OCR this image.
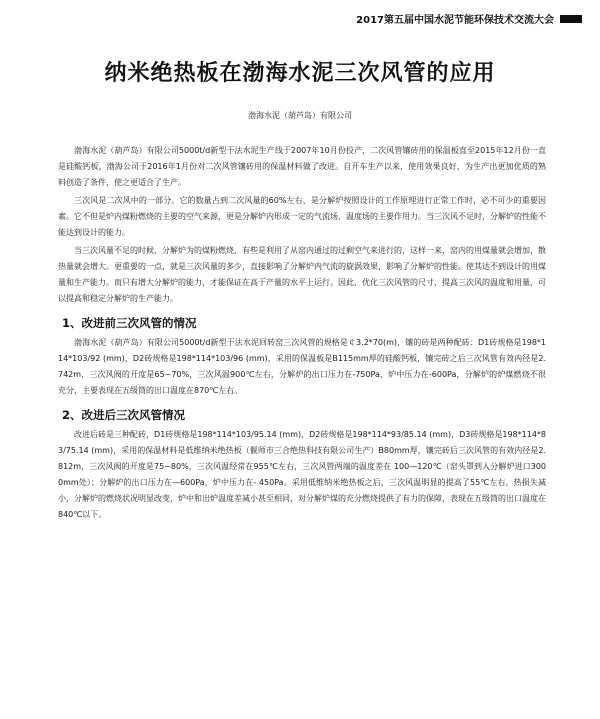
2017第五届中国水泥节能环保技术交流大会
纳米绝热板在渤海水泥三次风管的应用
渤海水泥（葫芦岛）有限公司

渤海水泥（葫芦岛）有限公司5000t/d新型干法水泥生产线于2007年10月份投产，二次风管镶砖用的保温板直至2015年12月份一直是硅酸钙板，渤海公司于2016年1月份对二次风管镶砖用的保温材料做了改进。自开车生产以来，使用效果良好，为生产出更加优质的熟料创造了条件，使之更适合了生产。

三次风是二次风中的一部分。它的数量占到二次风量的60%左右，是分解炉按照设计的工作原理进行正常工作时，必不可少的重要因素。它不但是炉内煤粉燃烧的主要的空气来源，更是分解炉内形成一定的气流场，温度场的主要作用力。当三次风不足时，分解炉的性能不能达到设计的能力。

当三次风量不足的时候，分解炉为的煤粉燃烧，有些是利用了从窑内通过的过剩空气来进行的，这样一来，窑内的用煤量就会增加，散热量就会增大。更重要的一点，就是三次风量的多少，直接影响了分解炉内气流的旋涡效果，影响了分解炉的性能。使其达不到设计的用煤量和生产能力。而只有增大分解炉的能力，才能保证在高于产量的水平上运行。因此，优化三次风管的尺寸，提高三次风的温度和用量，可以提高和稳定分解炉的生产能力。

1、改进前三次风管的情况

渤海水泥（葫芦岛）有限公司5000t/d新型干法水泥回转窑三次风管的规格是￠3.2*70(m)，镶的砖是两种配砖：D1砖规格是198*114*103/92 (mm)，D2砖规格是198*114*103/96 (mm)，采用的保温板是B115mm厚的硅酸钙板，镶完砖之后三次风管有效内径是2.742m，三次风阀的开度是65~70%，三次风温900℃左右，分解炉的出口压力在-750Pa，炉中压力在-600Pa，分解炉的炉煤燃烧不很充分，主要表现在五级筒的出口温度在870℃左右。

2、改进后三次风管情况

改进后砖是三种配砖，D1砖规格是198*114*103/95.14 (mm)，D2砖规格是198*114*93/85.14 (mm)，D3砖规格是198*114*83/75.14 (mm)，采用的保温材料是低维纳米绝热板（偃师市三合绝热科技有限公司生产）B80mm厚，镶完砖后三次风管的有效内径是2.812m，三次风阀的开度是75~80%，三次风温经常在955℃左右，三次风管两端的温度差在 100—120℃（窑头罩到入分解炉进口3000mm处）；分解炉的出口压力在—600Pa，炉中压力在- 450Pa。采用低维纳米绝热板之后，三次风温明显的提高了55℃左右，热损失减小，分解炉的燃烧状况明显改变，炉中和出炉温度差减小甚至相同，对分解炉煤的充分燃烧提供了有力的保障，表现在五级筒的出口温度在840℃以下。
